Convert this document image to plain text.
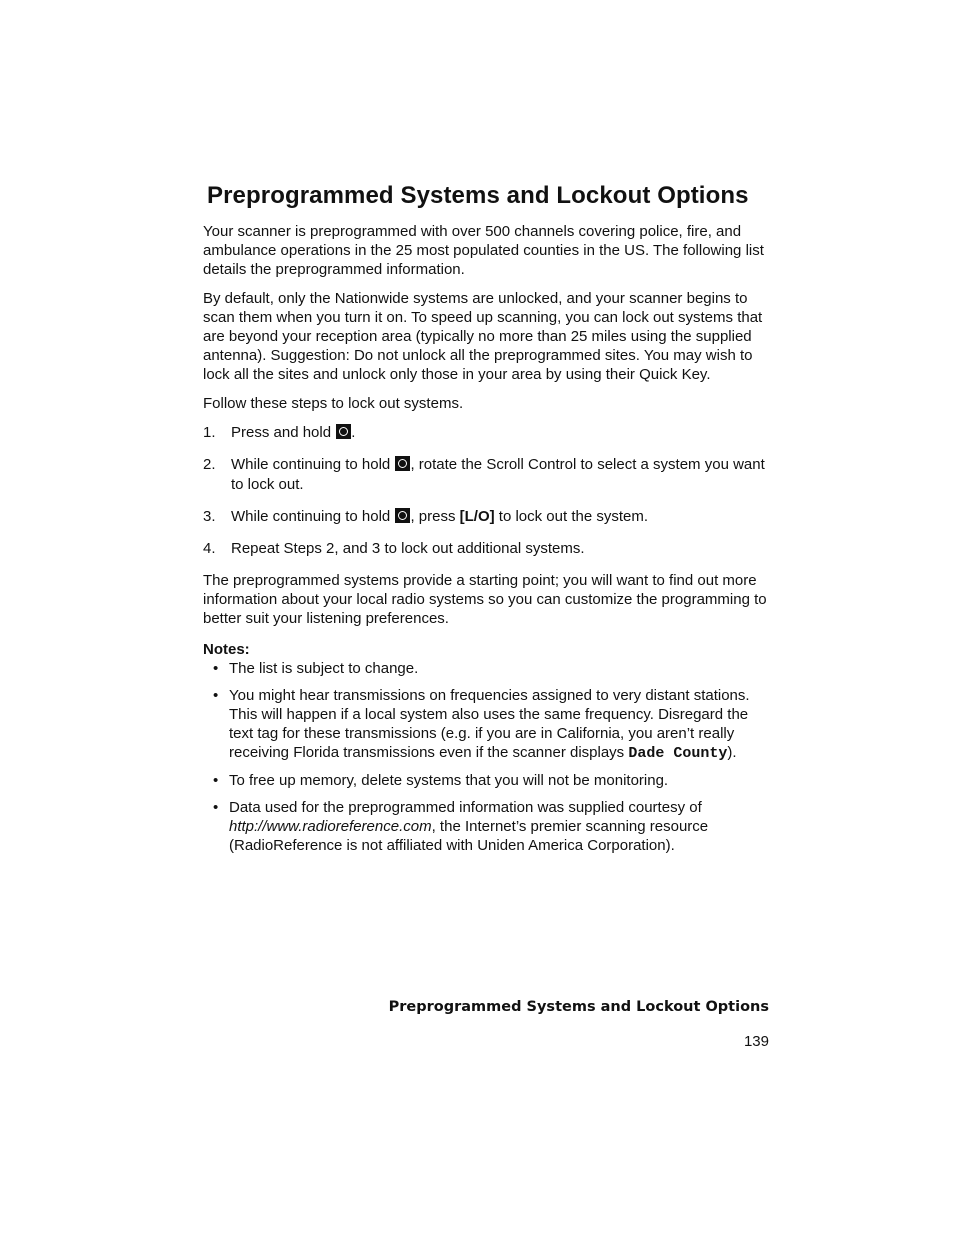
Preprogrammed Systems and Lockout Options

Your scanner is preprogrammed with over 500 channels covering police, fire, and ambulance operations in the 25 most populated counties in the US. The following list details the preprogrammed information.

By default, only the Nationwide systems are unlocked, and your scanner begins to scan them when you turn it on. To speed up scanning, you can lock out systems that are beyond your reception area (typically no more than 25 miles using the supplied antenna). Suggestion: Do not unlock all the preprogrammed sites. You may wish to lock all the sites and unlock only those in your area by using their Quick Key.

Follow these steps to lock out systems.

1. Press and hold .
2. While continuing to hold , rotate the Scroll Control to select a system you want to lock out.
3. While continuing to hold , press [L/O] to lock out the system.
4. Repeat Steps 2, and 3 to lock out additional systems.

The preprogrammed systems provide a starting point; you will want to find out more information about your local radio systems so you can customize the programming to better suit your listening preferences.

Notes:

• The list is subject to change.
• You might hear transmissions on frequencies assigned to very distant stations. This will happen if a local system also uses the same frequency. Disregard the text tag for these transmissions (e.g. if you are in California, you aren’t really receiving Florida transmissions even if the scanner displays Dade County).
• To free up memory, delete systems that you will not be monitoring.
• Data used for the preprogrammed information was supplied courtesy of http://www.radioreference.com, the Internet’s premier scanning resource (RadioReference is not affiliated with Uniden America Corporation).

Preprogrammed Systems and Lockout Options

139
